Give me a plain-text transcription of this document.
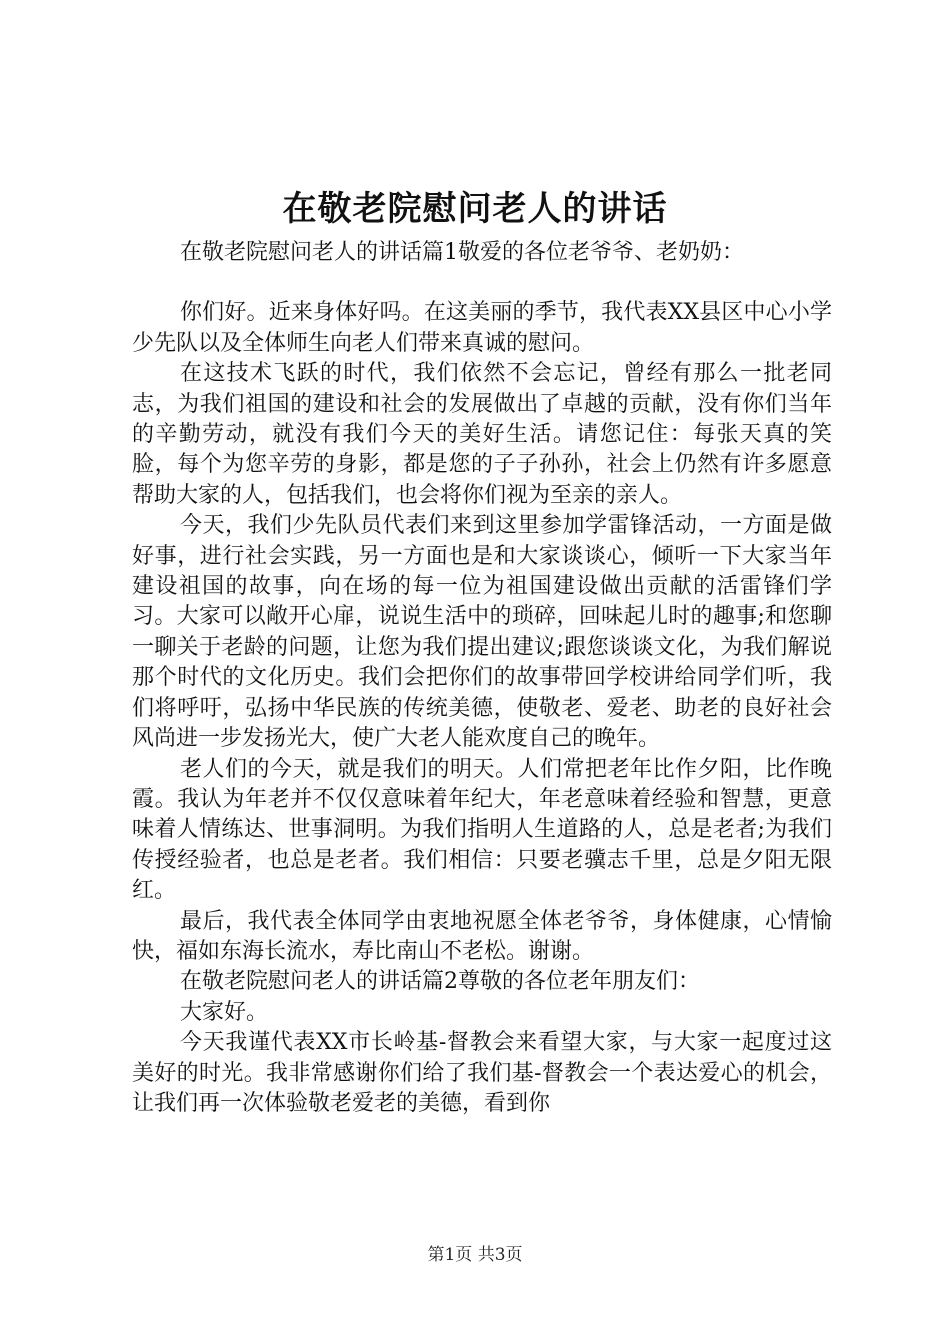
在敬老院慰问老人的讲话

在敬老院慰问老人的讲话篇1敬爱的各位老爷爷、老奶奶：

你们好。近来身体好吗。在这美丽的季节，我代表XX县区中心小学少先队以及全体师生向老人们带来真诚的慰问。

在这技术飞跃的时代，我们依然不会忘记，曾经有那么一批老同志，为我们祖国的建设和社会的发展做出了卓越的贡献，没有你们当年的辛勤劳动，就没有我们今天的美好生活。请您记住：每张天真的笑脸，每个为您辛劳的身影，都是您的子子孙孙，社会上仍然有许多愿意帮助大家的人，包括我们，也会将你们视为至亲的亲人。

今天，我们少先队员代表们来到这里参加学雷锋活动，一方面是做好事，进行社会实践，另一方面也是和大家谈谈心，倾听一下大家当年建设祖国的故事，向在场的每一位为祖国建设做出贡献的活雷锋们学习。大家可以敞开心扉，说说生活中的琐碎，回味起儿时的趣事;和您聊一聊关于老龄的问题，让您为我们提出建议;跟您谈谈文化，为我们解说那个时代的文化历史。我们会把你们的故事带回学校讲给同学们听，我们将呼吁，弘扬中华民族的传统美德，使敬老、爱老、助老的良好社会风尚进一步发扬光大，使广大老人能欢度自己的晚年。

老人们的今天，就是我们的明天。人们常把老年比作夕阳，比作晚霞。我认为年老并不仅仅意味着年纪大，年老意味着经验和智慧，更意味着人情练达、世事洞明。为我们指明人生道路的人，总是老者;为我们传授经验者，也总是老者。我们相信：只要老骥志千里，总是夕阳无限红。

最后，我代表全体同学由衷地祝愿全体老爷爷，身体健康，心情愉快，福如东海长流水，寿比南山不老松。谢谢。

在敬老院慰问老人的讲话篇2尊敬的各位老年朋友们：

大家好。

今天我谨代表XX市长岭基-督教会来看望大家，与大家一起度过这美好的时光。我非常感谢你们给了我们基-督教会一个表达爱心的机会，让我们再一次体验敬老爱老的美德，看到你

第1页 共3页
